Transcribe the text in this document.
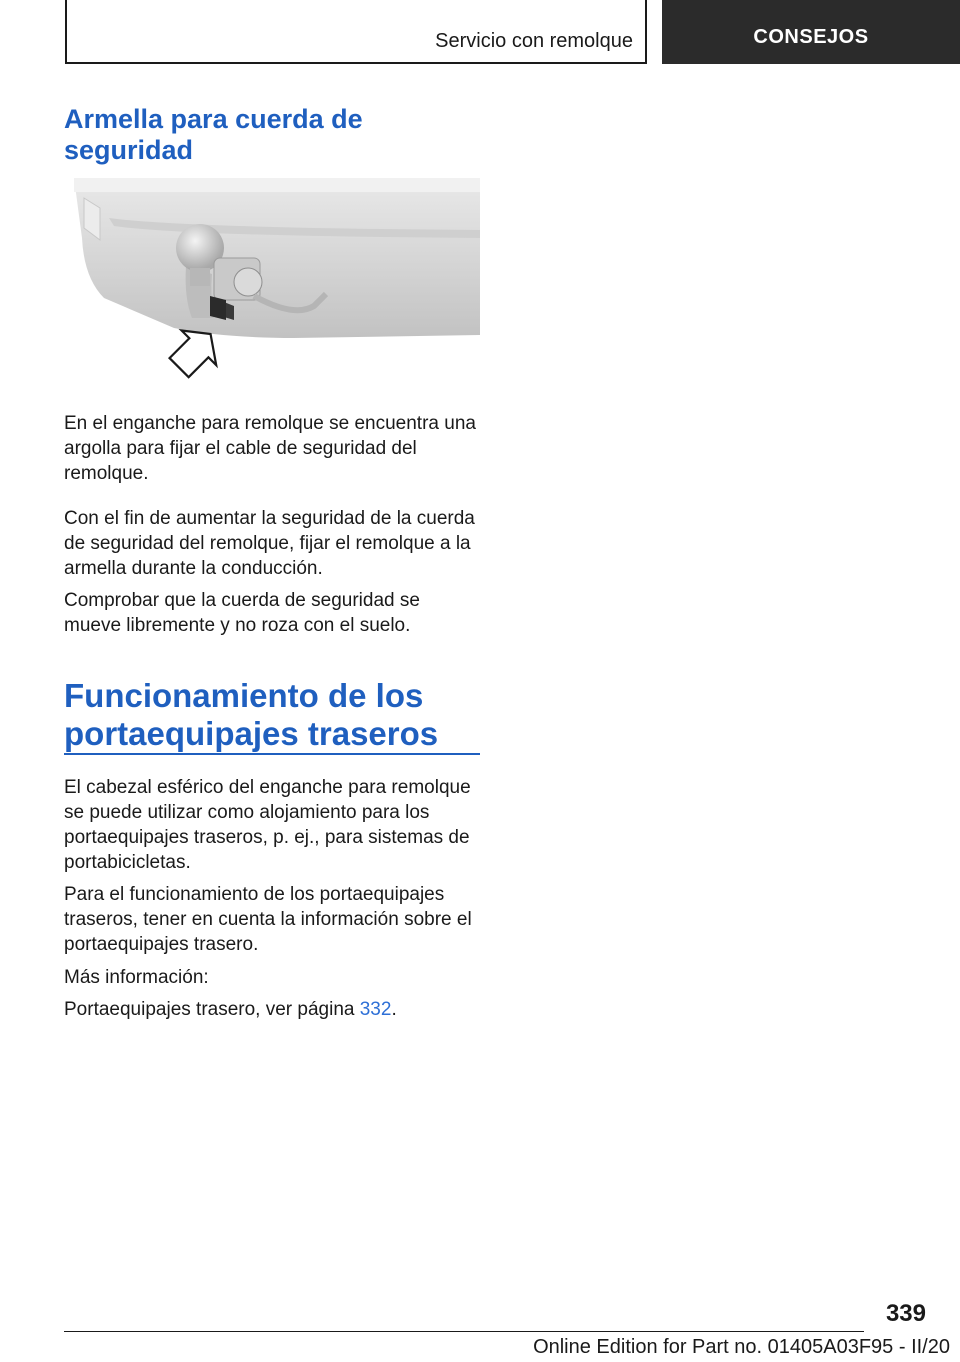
Servicio con remolque	CONSEJOS
Armella para cuerda de seguridad

En el enganche para remolque se encuentra una argolla para fijar el cable de seguridad del remolque.

Con el fin de aumentar la seguridad de la cuerda de seguridad del remolque, fijar el remolque a la armella durante la conducción.

Comprobar que la cuerda de seguridad se mueve libremente y no roza con el suelo.

Funcionamiento de los portaequipajes traseros

El cabezal esférico del enganche para remolque se puede utilizar como alojamiento para los portaequipajes traseros, p. ej., para sistemas de portabicicletas.

Para el funcionamiento de los portaequipajes traseros, tener en cuenta la información sobre el portaequipajes trasero.

Más información:

Portaequipajes trasero, ver página 332.

339
Online Edition for Part no. 01405A03F95 - II/20
